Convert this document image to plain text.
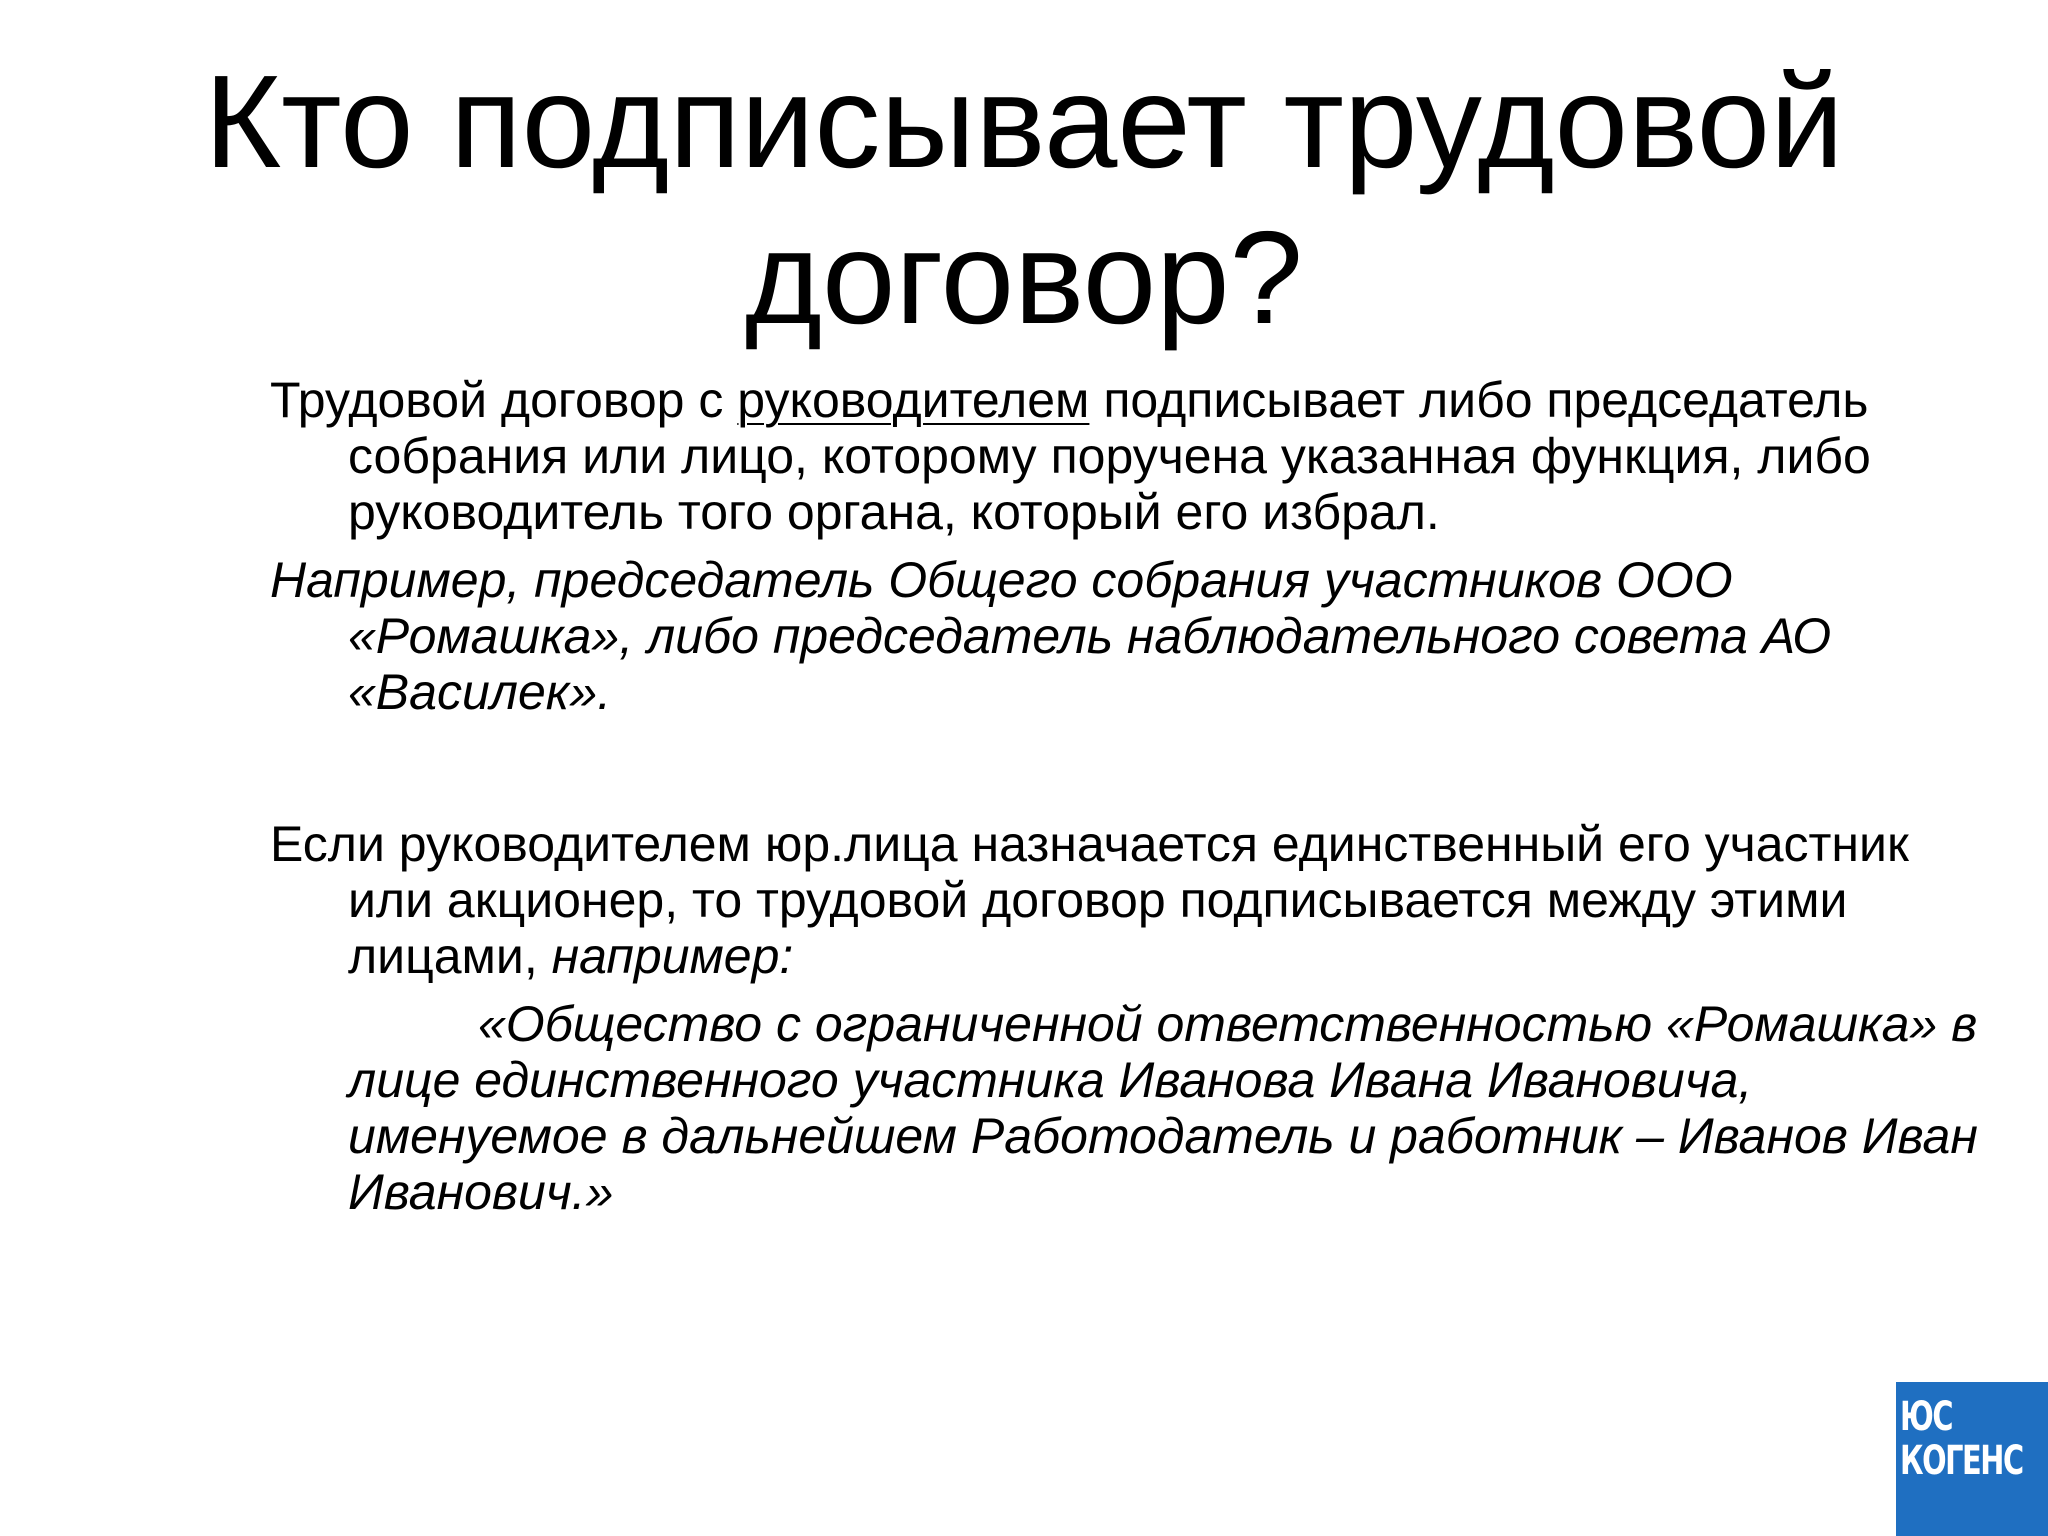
Кто подписывает трудовой
договор?

Трудовой договор с руководителем подписывает либо председатель собрания или лицо, которому поручена указанная функция, либо руководитель того органа, который его избрал.

Например, председатель Общего собрания участников ООО «Ромашка», либо председатель наблюдательного совета АО «Василек».

Если руководителем юр.лица назначается единственный его участник или акционер, то трудовой договор подписывается между этими лицами, например:

«Общество с ограниченной ответственностью «Ромашка» в лице единственного участника Иванова Ивана Ивановича, именуемое в дальнейшем Работодатель и работник – Иванов Иван Иванович.»

ЮС
КОГЕНС
